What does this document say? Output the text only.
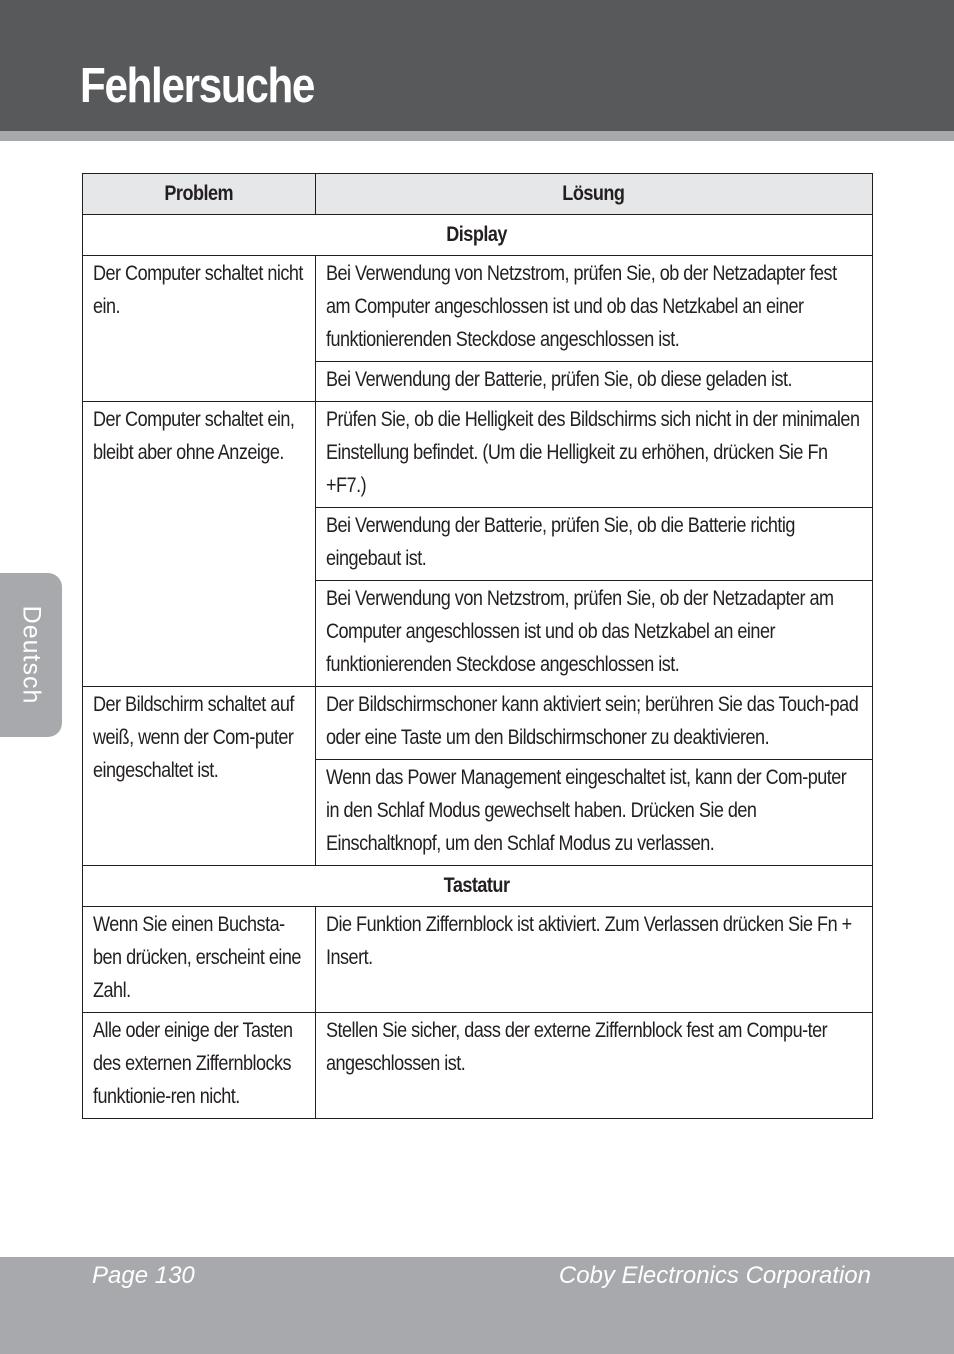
Fehlersuche
Deutsch
Problem	Lösung

Display	

Der Computer schaltet nicht ein.	Bei Verwendung von Netzstrom, prüfen Sie, ob der Netzadapter fest am Computer angeschlossen ist und ob das Netzkabel an einer funktionierenden Steckdose angeschlossen ist.

	Bei Verwendung der Batterie, prüfen Sie, ob diese geladen ist.

Der Computer schaltet ein, bleibt aber ohne Anzeige.	Prüfen Sie, ob die Helligkeit des Bildschirms sich nicht in der minimalen Einstellung befindet. (Um die Helligkeit zu erhöhen, drücken Sie Fn +F7.)

	Bei Verwendung der Batterie, prüfen Sie, ob die Batterie richtig eingebaut ist.

	Bei Verwendung von Netzstrom, prüfen Sie, ob der Netzadapter am Computer angeschlossen ist und ob das Netzkabel an einer funktionierenden Steckdose angeschlossen ist.

Der Bildschirm schaltet auf weiß, wenn der Com-puter eingeschaltet ist.	Der Bildschirmschoner kann aktiviert sein; berühren Sie das Touch-pad oder eine Taste um den Bildschirmschoner zu deaktivieren.

	Wenn das Power Management eingeschaltet ist, kann der Com-puter in den Schlaf Modus gewechselt haben. Drücken Sie den Einschaltknopf, um den Schlaf Modus zu verlassen.

Tastatur	

Wenn Sie einen Buchsta-ben drücken, erscheint eine Zahl.	Die Funktion Ziffernblock ist aktiviert. Zum Verlassen drücken Sie Fn + Insert.

Alle oder einige der Tasten des externen Ziffernblocks funktionie-ren nicht.	Stellen Sie sicher, dass der externe Ziffernblock fest am Compu-ter angeschlossen ist.
Page 130	Coby Electronics Corporation
